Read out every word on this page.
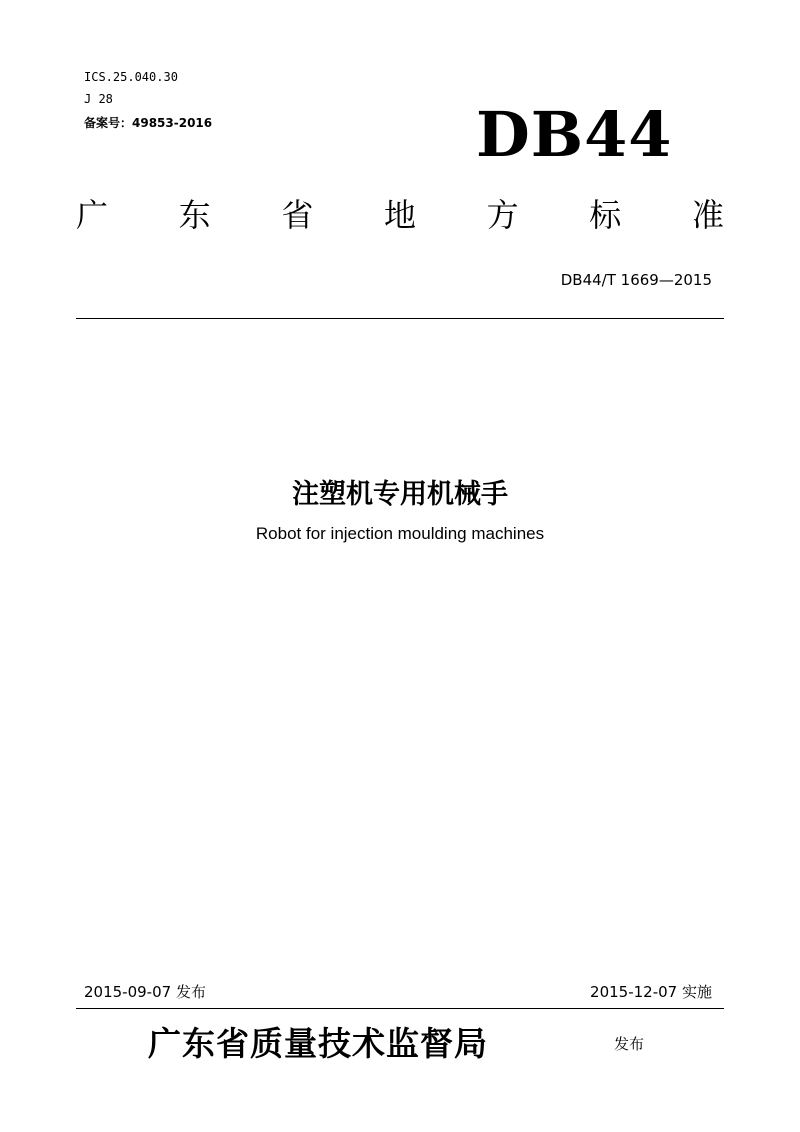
ICS.25.040.30
J 28
备案号：49853-2016	DB44
广 东 省 地 方 标 准
DB44/T 1669—2015
注塑机专用机械手
Robot for injection moulding machines
2015-09-07 发布	2015-12-07 实施
广东省质量技术监督局	发布
